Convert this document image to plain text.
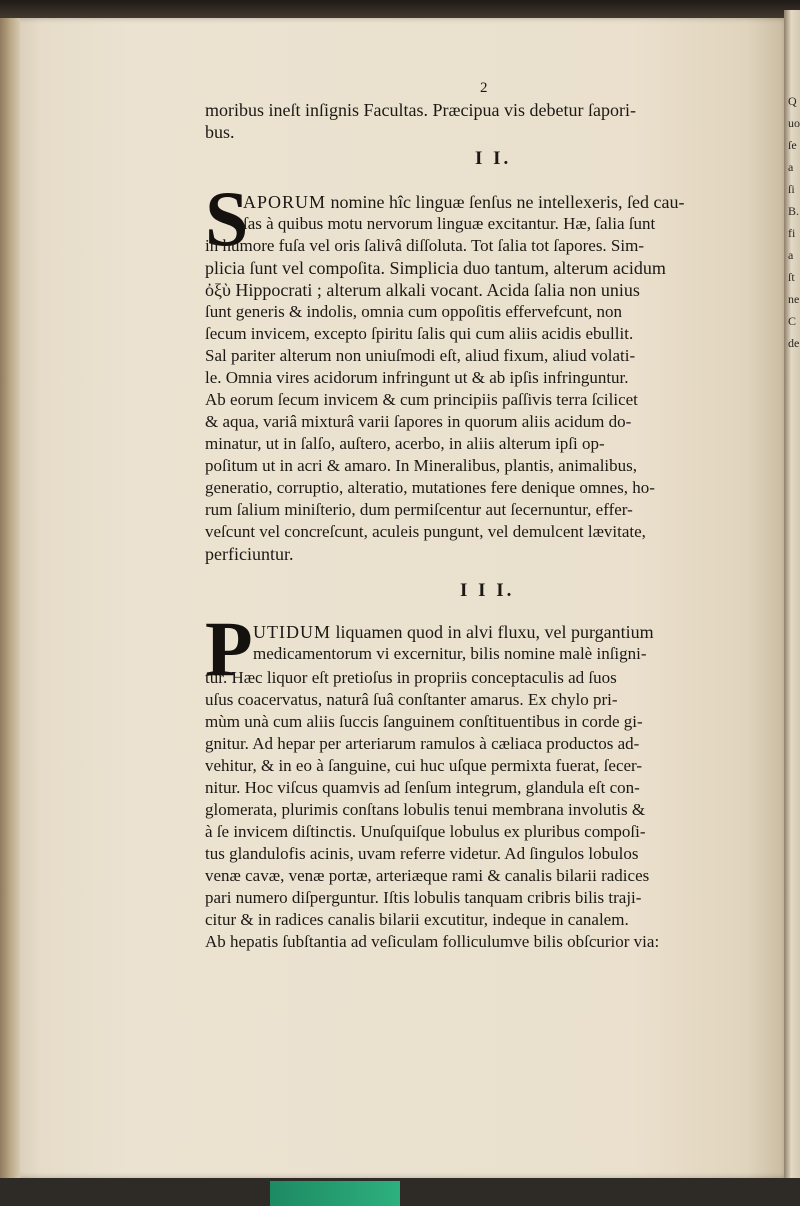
Quo ſea ſi B. fia ſt ne C de
2
moribus ineſt inſignis Facultas. Præcipua vis debetur ſapori-
bus.
I I.
S
APORUM nomine hîc linguæ ſenſus ne intellexeris, ſed cau-
ſas à quibus motu nervorum linguæ excitantur. Hæ, ſalia ſunt
in humore fuſa vel oris ſalivâ diſſoluta. Tot ſalia tot ſapores. Sim-
plicia ſunt vel compoſita. Simplicia duo tantum, alterum acidum
ὀξὺ Hippocrati ; alterum alkali vocant. Acida ſalia non unius
ſunt generis & indolis, omnia cum oppoſitis effervefcunt, non
ſecum invicem, excepto ſpiritu ſalis qui cum aliis acidis ebullit.
Sal pariter alterum non uniuſmodi eſt, aliud fixum, aliud volati-
le. Omnia vires acidorum infringunt ut & ab ipſis infringuntur.
Ab eorum ſecum invicem & cum principiis paſſivis terra ſcilicet
& aqua, variâ mixturâ varii ſapores in quorum aliis acidum do-
minatur, ut in ſalſo, auſtero, acerbo, in aliis alterum ipſi op-
poſitum ut in acri & amaro. In Mineralibus, plantis, animalibus,
generatio, corruptio, alteratio, mutationes fere denique omnes, ho-
rum ſalium miniſterio, dum permiſcentur aut ſecernuntur, effer-
veſcunt vel concreſcunt, aculeis pungunt, vel demulcent lævitate,
perficiuntur.
I I I.
P UTIDUM liquamen quod in alvi fluxu, vel purgantium
medicamentorum vi excernitur, bilis nomine malè inſigni-
tur. Hæc liquor eſt pretioſus in propriis conceptaculis ad ſuos
uſus coacervatus, naturâ ſuâ conſtanter amarus. Ex chylo pri-
mùm unà cum aliis ſuccis ſanguinem conſtituentibus in corde gi-
gnitur. Ad hepar per arteriarum ramulos à cæliaca productos ad-
vehitur, & in eo à ſanguine, cui huc uſque permixta fuerat, ſecer-
nitur. Hoc viſcus quamvis ad ſenſum integrum, glandula eſt con-
glomerata, plurimis conſtans lobulis tenui membrana involutis &
à ſe invicem diſtinctis. Unuſquiſque lobulus ex pluribus compoſi-
tus glandulofis acinis, uvam referre videtur. Ad ſingulos lobulos
venæ cavæ, venæ portæ, arteriæque rami & canalis bilarii radices
pari numero diſperguntur. Iſtis lobulis tanquam cribris bilis traji-
citur & in radices canalis bilarii excutitur, indeque in canalem.
Ab hepatis ſubſtantia ad veſiculam folliculumve bilis obſcurior via:
